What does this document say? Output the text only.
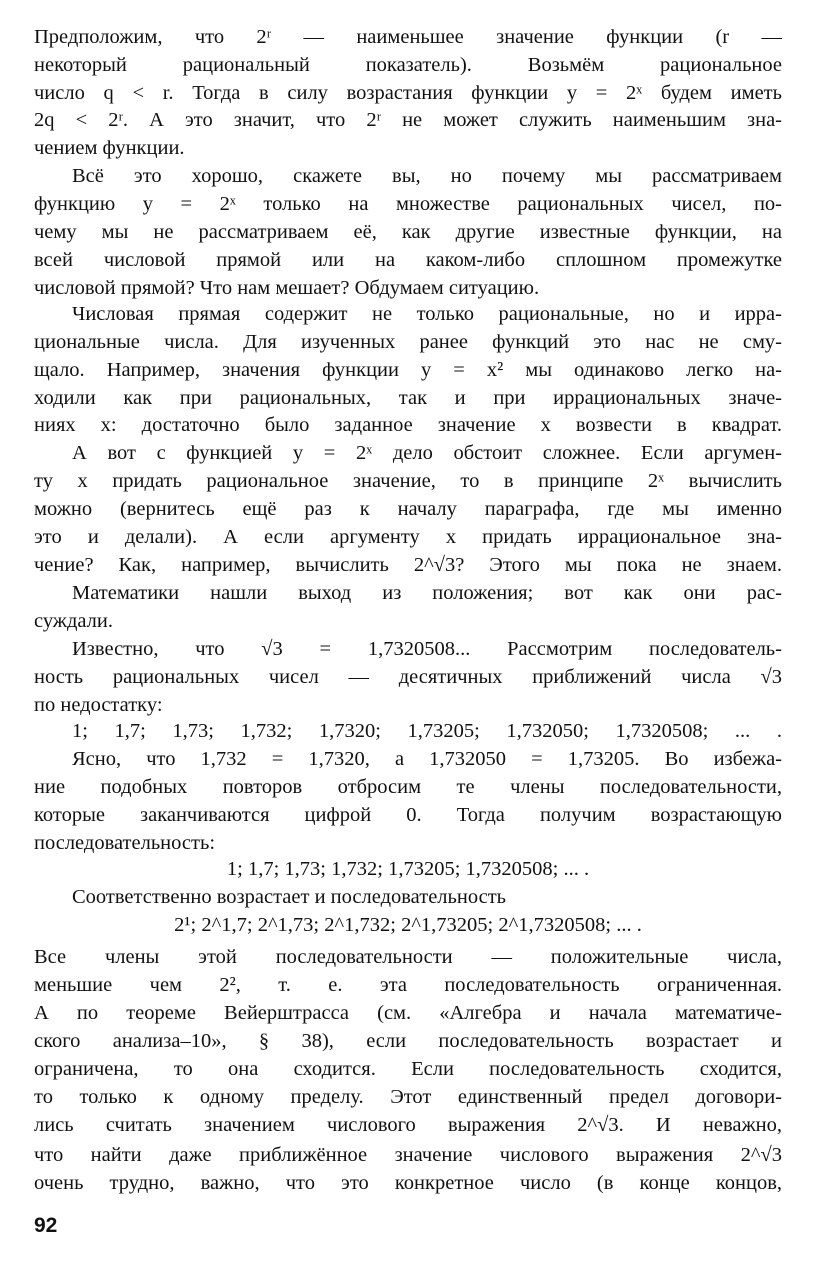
Предположим, что 2ʳ — наименьшее значение функции (r —
некоторый рациональный показатель). Возьмём рациональное
число q < r. Тогда в силу возрастания функции y = 2ˣ будем иметь
2q < 2ʳ. А это значит, что 2ʳ не может служить наименьшим зна-
чением функции.
Всё это хорошо, скажете вы, но почему мы рассматриваем
функцию y = 2ˣ только на множестве рациональных чисел, по-
чему мы не рассматриваем её, как другие известные функции, на
всей числовой прямой или на каком-либо сплошном промежутке
числовой прямой? Что нам мешает? Обдумаем ситуацию.
Числовая прямая содержит не только рациональные, но и ирра-
циональные числа. Для изученных ранее функций это нас не сму-
щало. Например, значения функции y = x² мы одинаково легко на-
ходили как при рациональных, так и при иррациональных значе-
ниях x: достаточно было заданное значение x возвести в квадрат.
А вот с функцией y = 2ˣ дело обстоит сложнее. Если аргумен-
ту x придать рациональное значение, то в принципе 2ˣ вычислить
можно (вернитесь ещё раз к началу параграфа, где мы именно
это и делали). А если аргументу x придать иррациональное зна-
чение? Как, например, вычислить 2^√3? Этого мы пока не знаем.
Математики нашли выход из положения; вот как они рас-
суждали.
Известно, что √3 = 1,7320508... Рассмотрим последователь-
ность рациональных чисел — десятичных приближений числа √3
по недостатку:
1; 1,7; 1,73; 1,732; 1,7320; 1,73205; 1,732050; 1,7320508; ... .
Ясно, что 1,732 = 1,7320, а 1,732050 = 1,73205. Во избежа-
ние подобных повторов отбросим те члены последовательности,
которые заканчиваются цифрой 0. Тогда получим возрастающую
последовательность:
1; 1,7; 1,73; 1,732; 1,73205; 1,7320508; ... .
Соответственно возрастает и последовательность
2¹; 2^1,7; 2^1,73; 2^1,732; 2^1,73205; 2^1,7320508; ... .
Все члены этой последовательности — положительные числа,
меньшие чем 2², т. е. эта последовательность ограниченная.
А по теореме Вейерштрасса (см. «Алгебра и начала математиче-
ского анализа–10», § 38), если последовательность возрастает и
ограничена, то она сходится. Если последовательность сходится,
то только к одному пределу. Этот единственный предел договори-
лись считать значением числового выражения 2^√3. И неважно,
что найти даже приближённое значение числового выражения 2^√3
очень трудно, важно, что это конкретное число (в конце концов,
92
